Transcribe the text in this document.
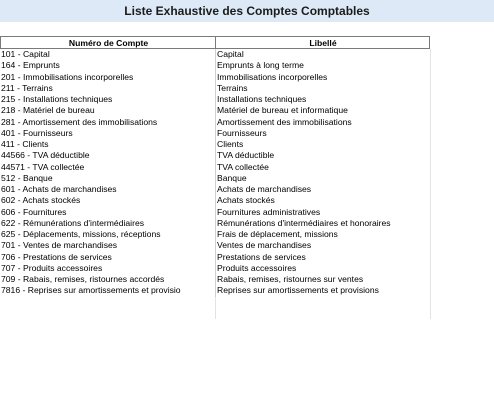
Liste Exhaustive des Comptes Comptables
Numéro de Compte	Libellé
101 - Capital	Capital
164 - Emprunts	Emprunts à long terme
201 - Immobilisations incorporelles	Immobilisations incorporelles
211 - Terrains	Terrains
215 - Installations techniques	Installations techniques
218 - Matériel de bureau	Matériel de bureau et informatique
281 - Amortissement des immobilisations	Amortissement des immobilisations
401 - Fournisseurs	Fournisseurs
411 - Clients	Clients
44566 - TVA déductible	TVA déductible
44571 - TVA collectée	TVA collectée
512 - Banque	Banque
601 - Achats de marchandises	Achats de marchandises
602 - Achats stockés	Achats stockés
606 - Fournitures	Fournitures administratives
622 - Rémunérations d'intermédiaires	Rémunérations d'intermédiaires et honoraires
625 - Déplacements, missions, réceptions	Frais de déplacement, missions
701 - Ventes de marchandises	Ventes de marchandises
706 - Prestations de services	Prestations de services
707 - Produits accessoires	Produits accessoires
709 - Rabais, remises, ristournes accordés	Rabais, remises, ristournes sur ventes
7816 - Reprises sur amortissements et provisio	Reprises sur amortissements et provisions
